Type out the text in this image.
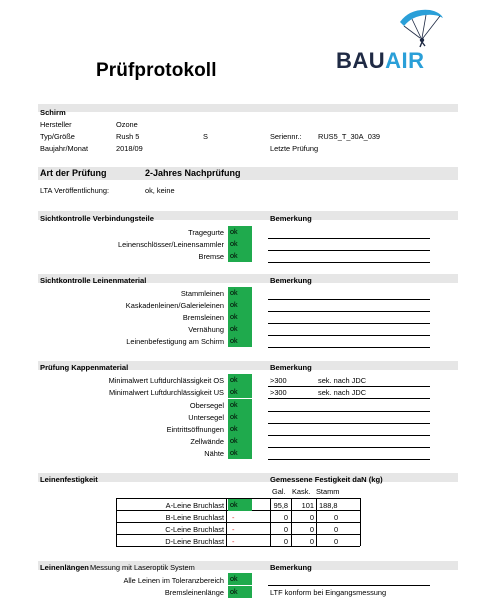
Prüfprotokoll	BAUAIR
Schirm
Hersteller	Ozone
Typ/Größe	Rush 5	S	Seriennr.: RUS5_T_30A_039
Baujahr/Monat	2018/09	Letzte Prüfung
Art der Prüfung	2-Jahres Nachprüfung
LTA Veröffentlichung:	ok, keine
Sichtkontrolle Verbindungsteile	Bemerkung
Tragegurte ok
Leinenschlösser/Leinensammler ok
Bremse ok
Sichtkontrolle Leinenmaterial	Bemerkung
Stammleinen ok
Kaskadenleinen/Galerieleinen ok
Bremsleinen ok
Vernähung ok
Leinenbefestigung am Schirm ok
Prüfung Kappenmaterial	Bemerkung
Minimalwert Luftdurchlässigkeit OS ok	>300	sek. nach JDC
Minimalwert Luftdurchlässigkeit US ok	>300	sek. nach JDC
Obersegel ok
Untersegel ok
Eintrittsöffnungen ok
Zellwände ok
Nähte ok
Leinenfestigkeit	Gemessene Festigkeit daN (kg)
Gal. Kask. Stamm
A-Leine Bruchlast ok	95,8 101 188,8
B-Leine Bruchlast -	0	0	0
C-Leine Bruchlast -	0	0	0
D-Leine Bruchlast -	0	0	0
Leinenlängen Messung mit Laseroptik System	Bemerkung
Alle Leinen im Toleranzbereich ok
Bremsleinenlänge ok	LTF konform bei Eingangsmessung
